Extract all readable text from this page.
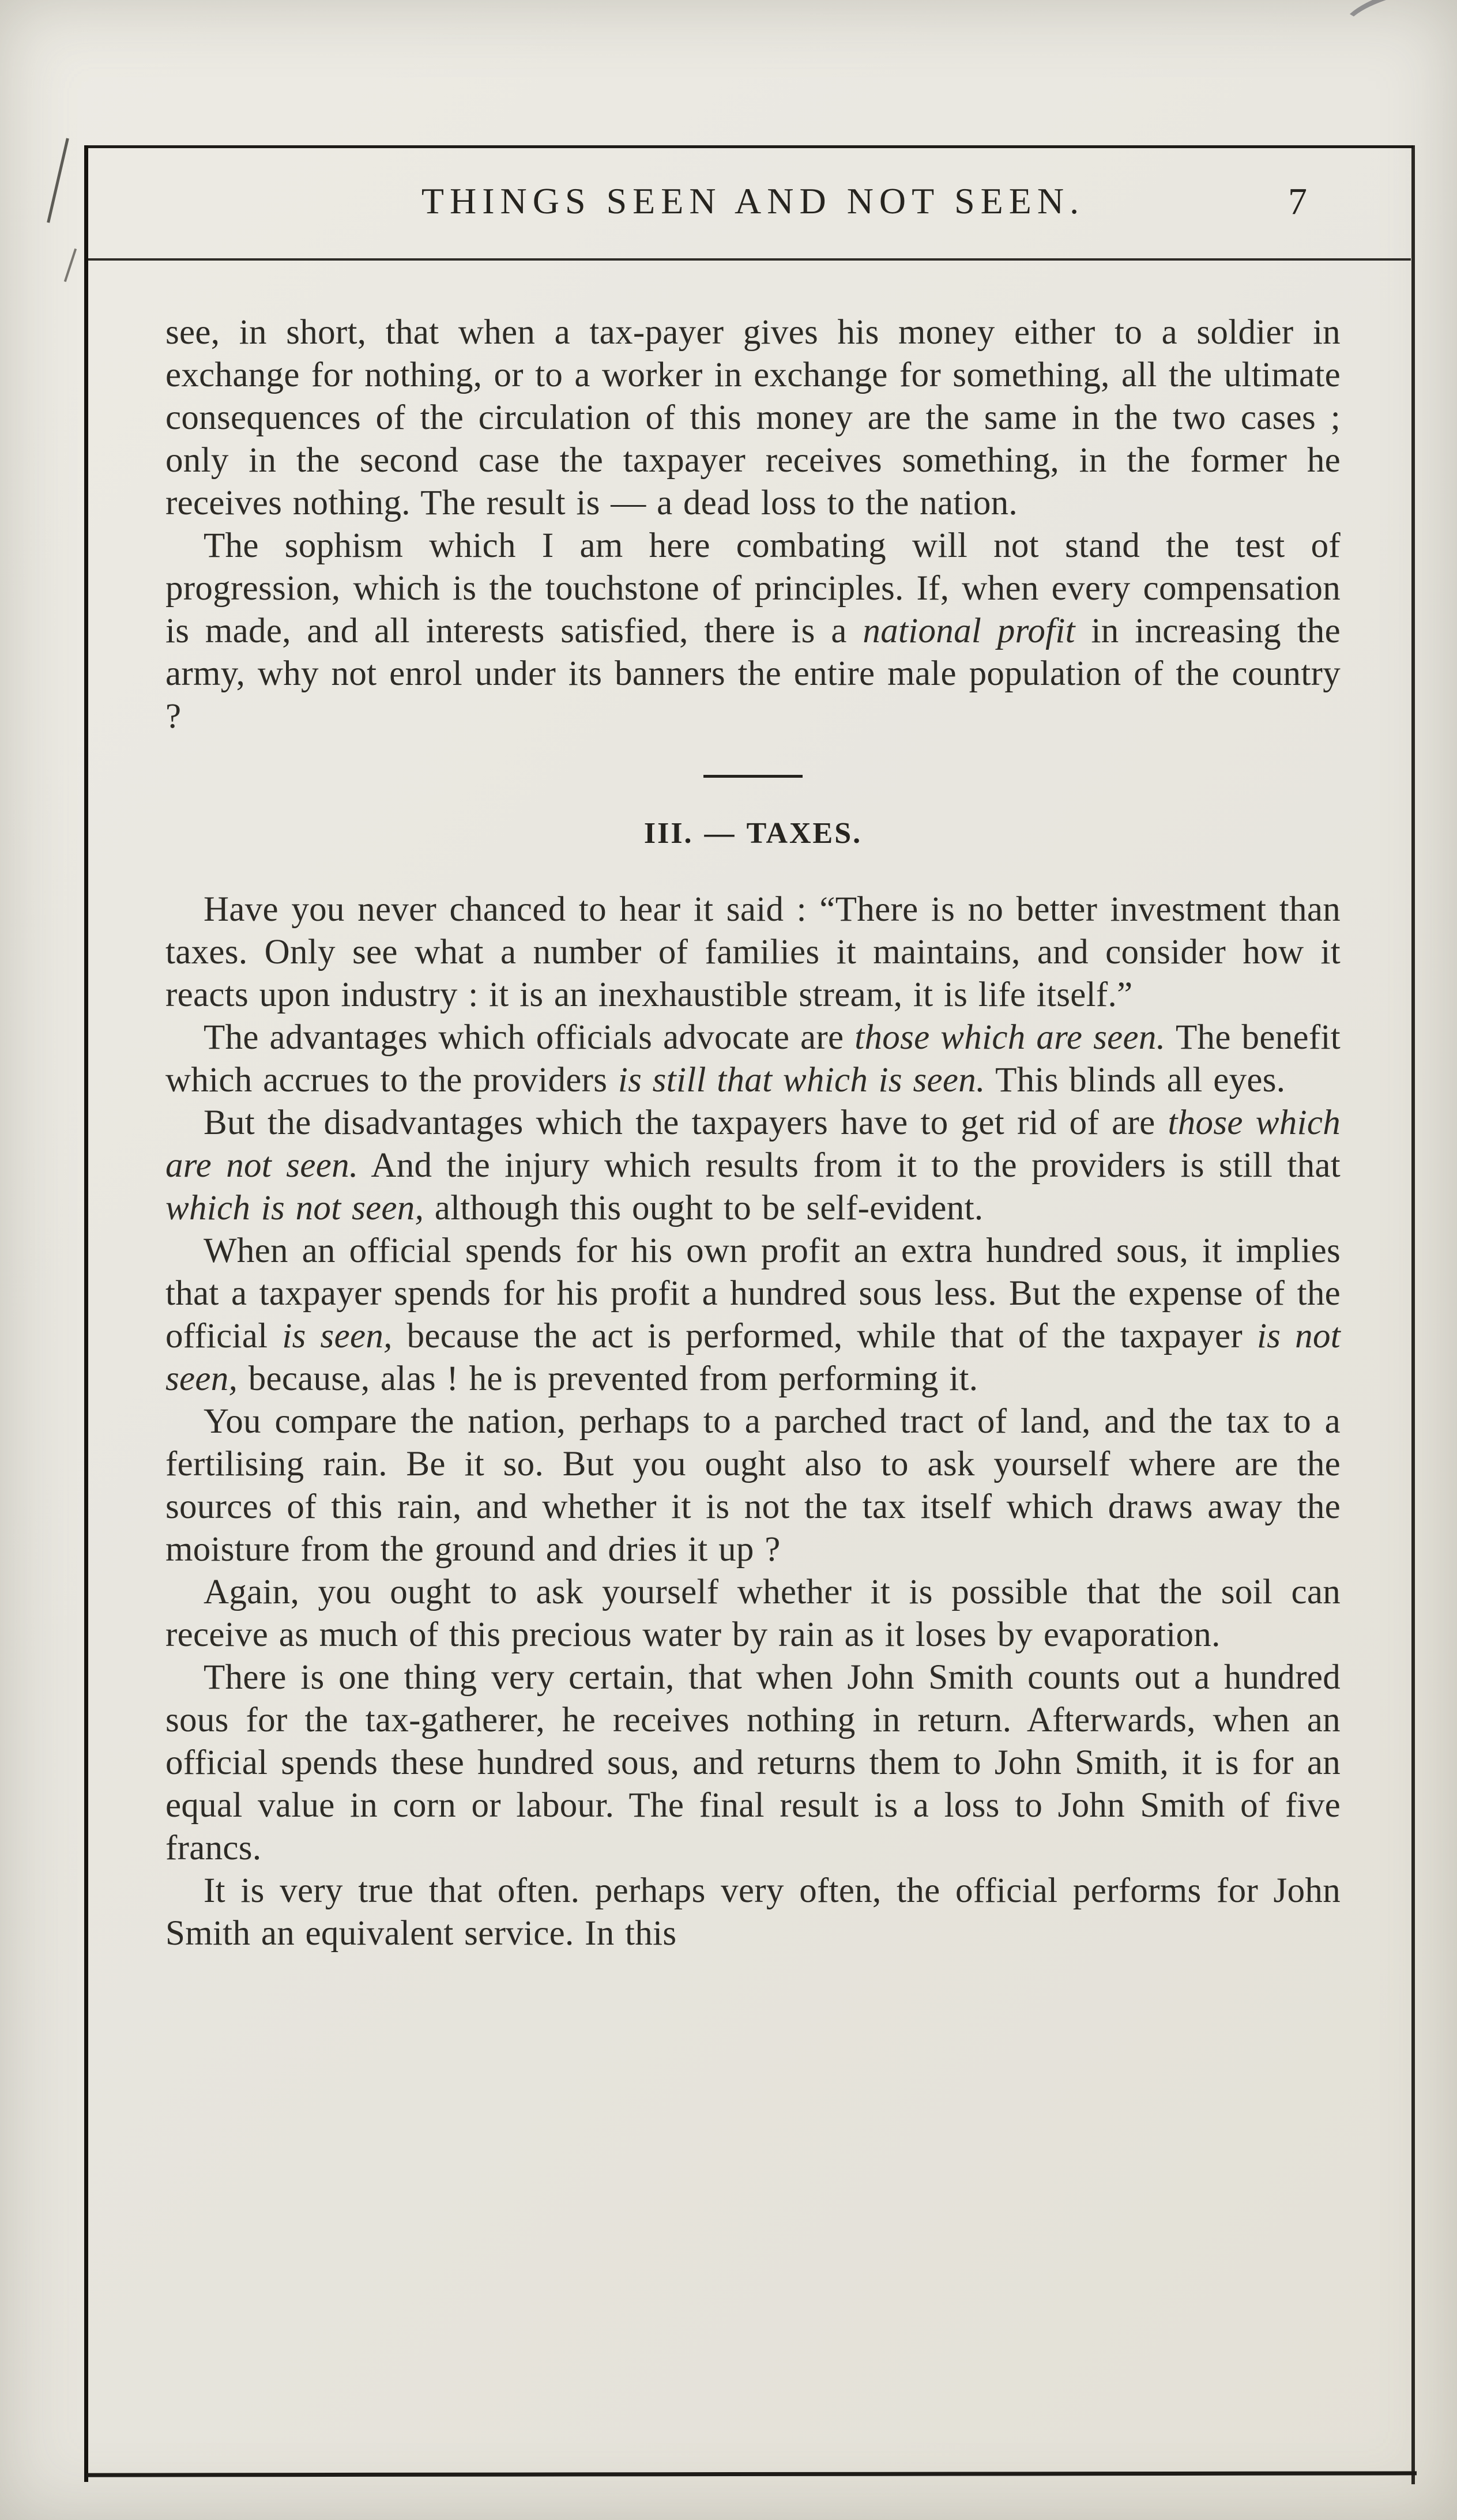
THINGS SEEN AND NOT SEEN.	7

see, in short, that when a tax-payer gives his money either to a soldier in exchange for nothing, or to a worker in exchange for something, all the ultimate consequences of the circulation of this money are the same in the two cases ; only in the second case the taxpayer receives something, in the former he receives nothing. The result is — a dead loss to the nation.

The sophism which I am here combating will not stand the test of progression, which is the touchstone of principles. If, when every compensation is made, and all interests satisfied, there is a national profit in increasing the army, why not enrol under its banners the entire male population of the country ?

III. — TAXES.

Have you never chanced to hear it said : “There is no better investment than taxes. Only see what a number of families it maintains, and consider how it reacts upon industry : it is an inexhaustible stream, it is life itself.”

The advantages which officials advocate are those which are seen. The benefit which accrues to the providers is still that which is seen. This blinds all eyes.

But the disadvantages which the taxpayers have to get rid of are those which are not seen. And the injury which results from it to the providers is still that which is not seen, although this ought to be self-evident.

When an official spends for his own profit an extra hundred sous, it implies that a taxpayer spends for his profit a hundred sous less. But the expense of the official is seen, because the act is performed, while that of the taxpayer is not seen, because, alas ! he is prevented from performing it.

You compare the nation, perhaps to a parched tract of land, and the tax to a fertilising rain. Be it so. But you ought also to ask yourself where are the sources of this rain, and whether it is not the tax itself which draws away the moisture from the ground and dries it up ?

Again, you ought to ask yourself whether it is possible that the soil can receive as much of this precious water by rain as it loses by evaporation.

There is one thing very certain, that when John Smith counts out a hundred sous for the tax-gatherer, he receives nothing in return. Afterwards, when an official spends these hundred sous, and returns them to John Smith, it is for an equal value in corn or labour. The final result is a loss to John Smith of five francs.

It is very true that often. perhaps very often, the official performs for John Smith an equivalent service. In this
